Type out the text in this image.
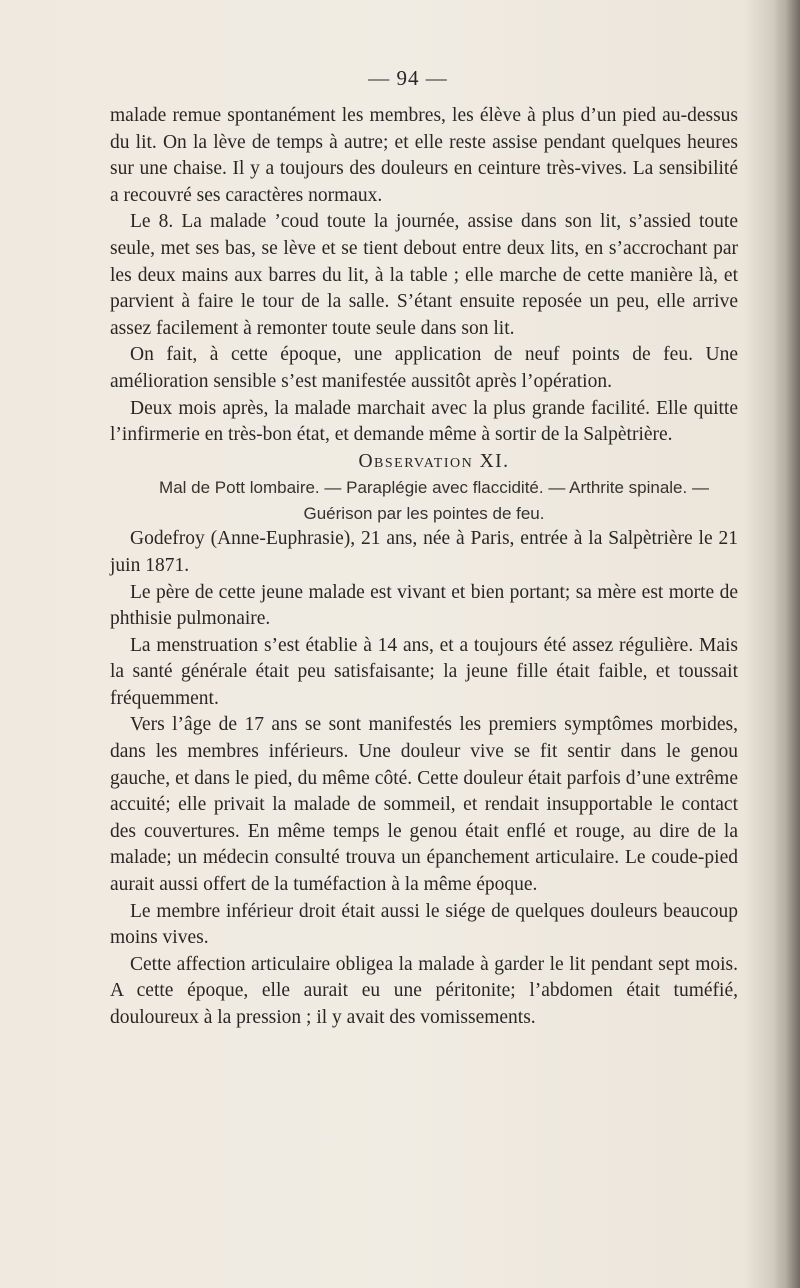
— 94 —

malade remue spontanément les membres, les élève à plus d’un pied au-dessus du lit. On la lève de temps à autre; et elle reste assise pendant quelques heures sur une chaise. Il y a toujours des douleurs en ceinture très-vives. La sensibilité a recouvré ses caractères normaux.

Le 8. La malade ’coud toute la journée, assise dans son lit, s’assied toute seule, met ses bas, se lève et se tient debout entre deux lits, en s’accrochant par les deux mains aux barres du lit, à la table ; elle marche de cette manière là, et parvient à faire le tour de la salle. S’étant ensuite reposée un peu, elle arrive assez facilement à remonter toute seule dans son lit.

On fait, à cette époque, une application de neuf points de feu. Une amélioration sensible s’est manifestée aussitôt après l’opération.

Deux mois après, la malade marchait avec la plus grande facilité. Elle quitte l’infirmerie en très-bon état, et demande même à sortir de la Salpètrière.

Observation XI.

Mal de Pott lombaire. — Paraplégie avec flaccidité. — Arthrite spinale. — Guérison par les pointes de feu.

Godefroy (Anne-Euphrasie), 21 ans, née à Paris, entrée à la Salpètrière le 21 juin 1871.

Le père de cette jeune malade est vivant et bien portant; sa mère est morte de phthisie pulmonaire.

La menstruation s’est établie à 14 ans, et a toujours été assez régulière. Mais la santé générale était peu satisfaisante; la jeune fille était faible, et toussait fréquemment.

Vers l’âge de 17 ans se sont manifestés les premiers symptômes morbides, dans les membres inférieurs. Une douleur vive se fit sentir dans le genou gauche, et dans le pied, du même côté. Cette douleur était parfois d’une extrême accuité; elle privait la malade de sommeil, et rendait insupportable le contact des couvertures. En même temps le genou était enflé et rouge, au dire de la malade; un médecin consulté trouva un épanchement articulaire. Le coude-pied aurait aussi offert de la tuméfaction à la même époque.

Le membre inférieur droit était aussi le siége de quelques douleurs beaucoup moins vives.

Cette affection articulaire obligea la malade à garder le lit pendant sept mois. A cette époque, elle aurait eu une péritonite; l’abdomen était tuméfié, douloureux à la pression ; il y avait des vomissements.
